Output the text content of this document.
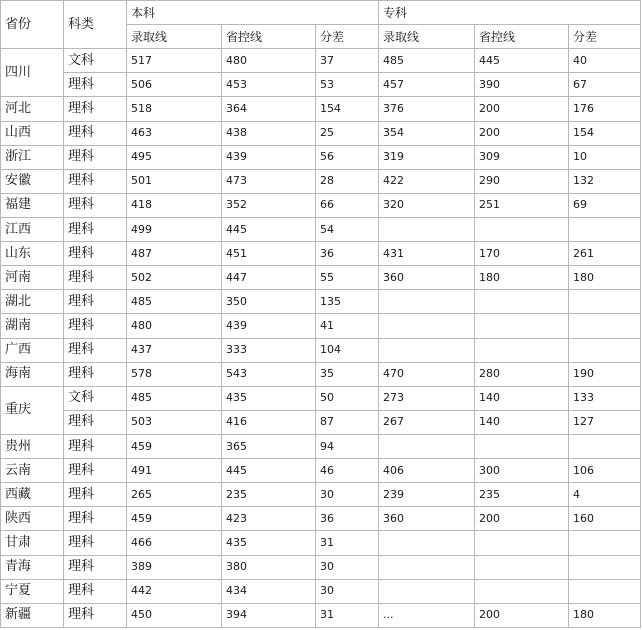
省份	科类	本科			专科		
		录取线	省控线	分差	录取线	省控线	分差
四川	文科	517	480	37	485	445	40
	理科	506	453	53	457	390	67
河北	理科	518	364	154	376	200	176
山西	理科	463	438	25	354	200	154
浙江	理科	495	439	56	319	309	10
安徽	理科	501	473	28	422	290	132
福建	理科	418	352	66	320	251	69
江西	理科	499	445	54			
山东	理科	487	451	36	431	170	261
河南	理科	502	447	55	360	180	180
湖北	理科	485	350	135			
湖南	理科	480	439	41			
广西	理科	437	333	104			
海南	理科	578	543	35	470	280	190
重庆	文科	485	435	50	273	140	133
	理科	503	416	87	267	140	127
贵州	理科	459	365	94			
云南	理科	491	445	46	406	300	106
西藏	理科	265	235	30	239	235	4
陕西	理科	459	423	36	360	200	160
甘肃	理科	466	435	31			
青海	理科	389	380	30			
宁夏	理科	442	434	30			
新疆	理科	450	394	31	...	200	180
